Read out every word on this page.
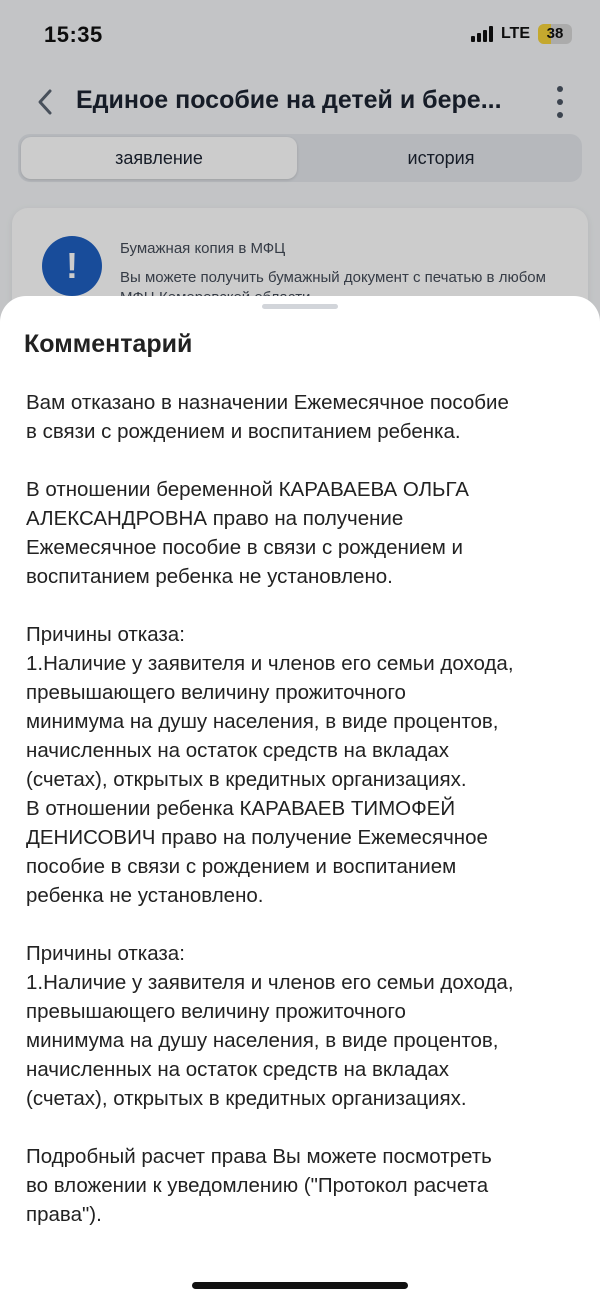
15:35	LTE	38
Единое пособие на детей и бере...
заявление	история
!	Бумажная копия в МФЦ
Вы можете получить бумажный документ с печатью в любом
Комментарий

Вам отказано в назначении Ежемесячное пособие
в связи с рождением и воспитанием ребенка.

В отношении беременной КАРАВАЕВА ОЛЬГА
АЛЕКСАНДРОВНА право на получение
Ежемесячное пособие в связи с рождением и
воспитанием ребенка не установлено.

Причины отказа:
1.Наличие у заявителя и членов его семьи дохода,
превышающего величину прожиточного
минимума на душу населения, в виде процентов,
начисленных на остаток средств на вкладах
(счетах), открытых в кредитных организациях.
В отношении ребенка КАРАВАЕВ ТИМОФЕЙ
ДЕНИСОВИЧ право на получение Ежемесячное
пособие в связи с рождением и воспитанием
ребенка не установлено.

Причины отказа:
1.Наличие у заявителя и членов его семьи дохода,
превышающего величину прожиточного
минимума на душу населения, в виде процентов,
начисленных на остаток средств на вкладах
(счетах), открытых в кредитных организациях.

Подробный расчет права Вы можете посмотреть
во вложении к уведомлению ("Протокол расчета
права").
